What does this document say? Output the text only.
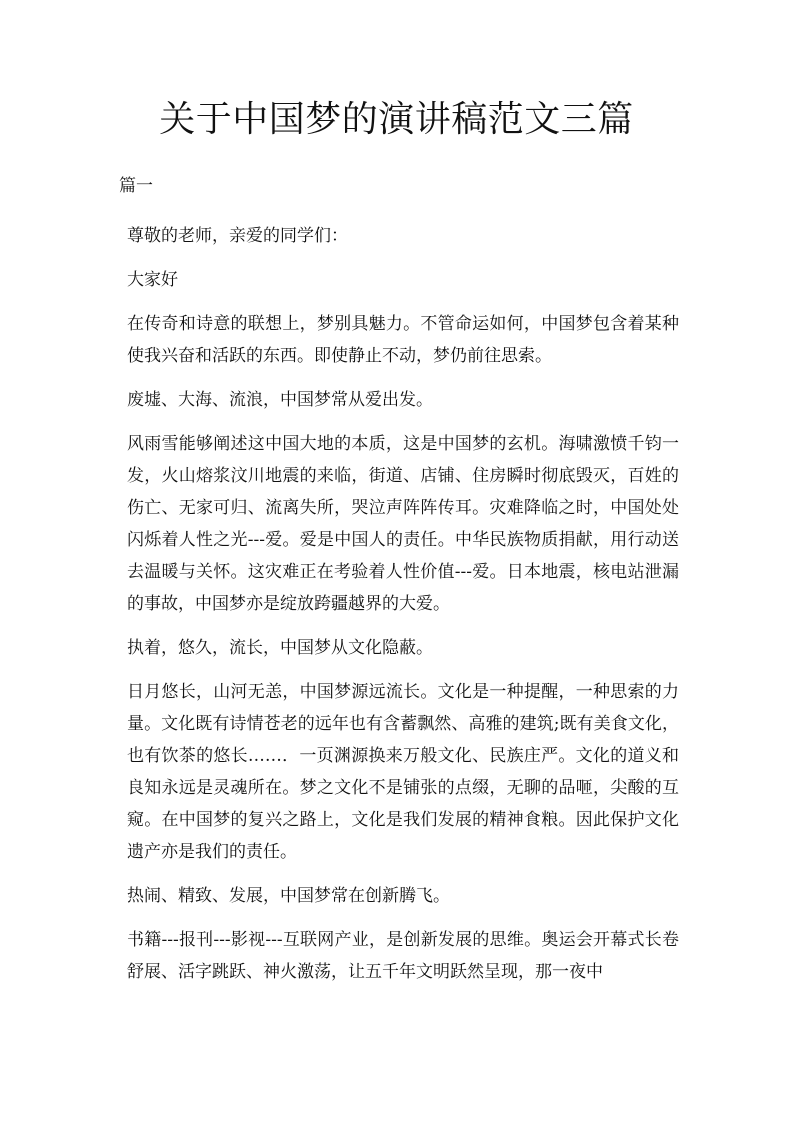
关于中国梦的演讲稿范文三篇

篇一

尊敬的老师，亲爱的同学们：

大家好

在传奇和诗意的联想上，梦别具魅力。不管命运如何，中国梦包含着某种使我兴奋和活跃的东西。即使静止不动，梦仍前往思索。

废墟、大海、流浪，中国梦常从爱出发。

风雨雪能够阐述这中国大地的本质，这是中国梦的玄机。海啸激愤千钧一发，火山熔浆汶川地震的来临，街道、店铺、住房瞬时彻底毁灭，百姓的伤亡、无家可归、流离失所，哭泣声阵阵传耳。灾难降临之时，中国处处闪烁着人性之光---爱。爱是中国人的责任。中华民族物质捐献，用行动送去温暖与关怀。这灾难正在考验着人性价值---爱。日本地震，核电站泄漏的事故，中国梦亦是绽放跨疆越界的大爱。

执着，悠久，流长，中国梦从文化隐蔽。

日月悠长，山河无恙，中国梦源远流长。文化是一种提醒，一种思索的力量。文化既有诗情苍老的远年也有含蓄飘然、高雅的建筑;既有美食文化，也有饮茶的悠长……．一页渊源换来万般文化、民族庄严。文化的道义和良知永远是灵魂所在。梦之文化不是铺张的点缀，无聊的品咂，尖酸的互窥。在中国梦的复兴之路上，文化是我们发展的精神食粮。因此保护文化遗产亦是我们的责任。

热闹、精致、发展，中国梦常在创新腾飞。

书籍---报刊---影视---互联网产业，是创新发展的思维。奥运会开幕式长卷舒展、活字跳跃、神火激荡，让五千年文明跃然呈现，那一夜中
